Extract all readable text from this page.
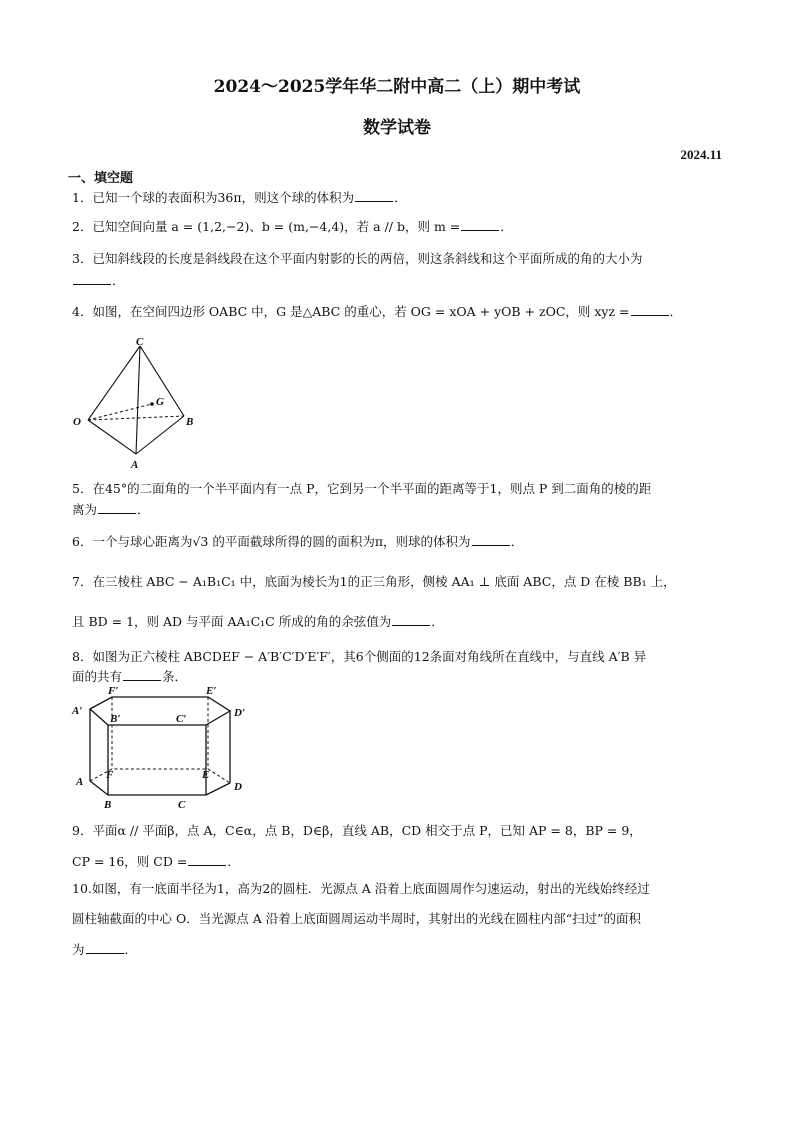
2024～2025学年华二附中高二（上）期中考试
数学试卷
2024.11
一、填空题
1．已知一个球的表面积为36π，则这个球的体积为	．
2．已知空间向量 a = (1,2,−2)、b = (m,−4,4)，若 a // b，则 m =	．
3．已知斜线段的长度是斜线段在这个平面内射影的长的两倍，则这条斜线和这个平面所成的角的大小为
．
4．如图，在空间四边形 OABC 中，G 是△ABC 的重心，若 OG = xOA + yOB + zOC，则 xyz =	．
C
O
G
B
A
5．在45°的二面角的一个半平面内有一点 P，它到另一个半平面的距离等于1，则点 P 到二面角的棱的距
离为	．
6．一个与球心距离为√3 的平面截球所得的圆的面积为π，则球的体积为	．
7．在三棱柱 ABC − A₁B₁C₁ 中，底面为棱长为1的正三角形，侧棱 AA₁ ⊥ 底面 ABC，点 D 在棱 BB₁ 上，
且 BD = 1，则 AD 与平面 AA₁C₁C 所成的角的余弦值为	．
8．如图为正六棱柱 ABCDEF − A′B′C′D′E′F′，其6个侧面的12条面对角线所在直线中，与直线 A′B 异
面的共有	条．
A′
B′	C′	D′
E′
F′
A
B	C
D
E
F
9．平面α // 平面β，点 A，C∈α，点 B，D∈β，直线 AB，CD 相交于点 P，已知 AP = 8，BP = 9，
CP = 16，则 CD =	．
10.如图，有一底面半径为1，高为2的圆柱．光源点 A 沿着上底面圆周作匀速运动，射出的光线始终经过
圆柱轴截面的中心 O．当光源点 A 沿着上底面圆周运动半周时，其射出的光线在圆柱内部“扫过”的面积
为	．
